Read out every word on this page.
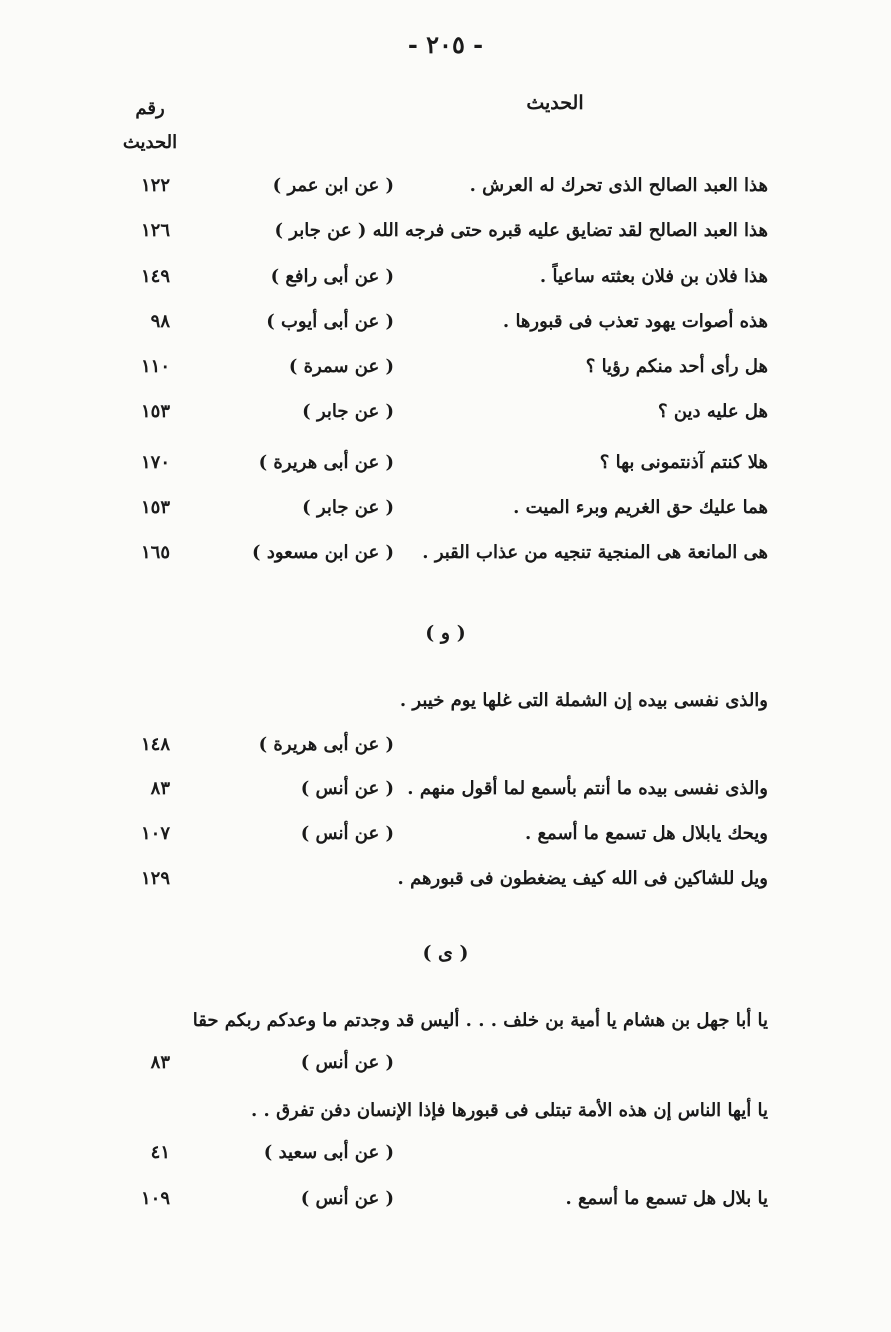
- ٢٠٥ -
الحديث
رقم
الحديث
هذا العبد الصالح الذى تحرك له العرش .
( عن ابن عمر )
١٢٢
هذا العبد الصالح لقد تضايق عليه قبره حتى فرجه الله ( عن جابر )
١٢٦
هذا فلان بن فلان بعثته ساعياً .
( عن أبى رافع )
١٤٩
هذه أصوات يهود تعذب فى قبورها .
( عن أبى أيوب )
٩٨
هل رأى أحد منكم رؤيا ؟
( عن سمرة )
١١٠
هل عليه دين ؟
( عن جابر )
١٥٣
هلا كنتم آذنتمونى بها ؟
( عن أبى هريرة )
١٧٠
هما عليك حق الغريم وبرء الميت .
( عن جابر )
١٥٣
هى المانعة هى المنجية تنجيه من عذاب القبر .
( عن ابن مسعود )
١٦٥
( و )
والذى نفسى بيده إن الشملة التى غلها يوم خيبر .
( عن أبى هريرة )
١٤٨
والذى نفسى بيده ما أنتم بأسمع لما أقول منهم .
( عن أنس )
٨٣
ويحك يابلال هل تسمع ما أسمع .
( عن أنس )
١٠٧
ويل للشاكين فى الله كيف يضغطون فى قبورهم .
١٢٩
( ى )
يا أبا جهل بن هشام يا أمية بن خلف . . . أليس قد وجدتم ما وعدكم ربكم حقا
( عن أنس )
٨٣
يا أيها الناس إن هذه الأمة تبتلى فى قبورها فإذا الإنسان دفن تفرق . .
( عن أبى سعيد )
٤١
يا بلال هل تسمع ما أسمع .
( عن أنس )
١٠٩
